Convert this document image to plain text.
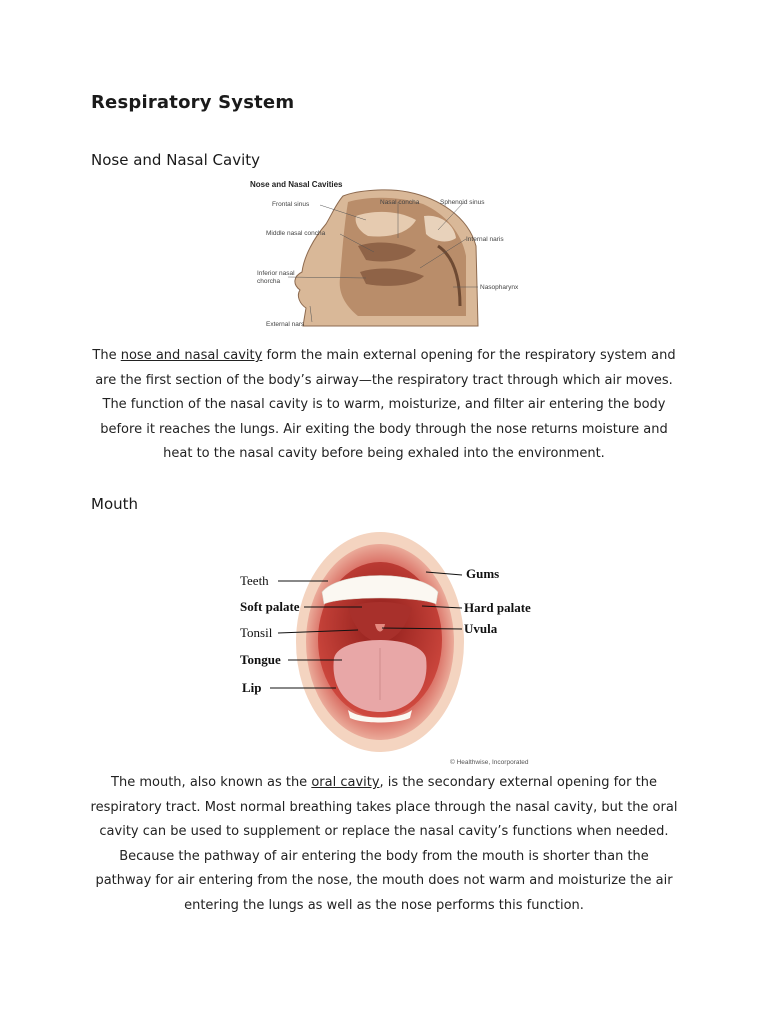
Respiratory System
Nose and Nasal Cavity
Nose and Nasal Cavities
Frontal sinus	Nasal concha	Sphenoid sinus
Middle nasal concha
Internal naris
Inferior nasal
chorcha
Nasopharynx
External nars
The nose and nasal cavity form the main external opening for the respiratory system and are the first section of the body’s airway—the respiratory tract through which air moves. The function of the nasal cavity is to warm, moisturize, and filter air entering the body before it reaches the lungs. Air exiting the body through the nose returns moisture and heat to the nasal cavity before being exhaled into the environment.
Mouth
Teeth
Soft palate
Tonsil
Tongue
Lip
Gums
Hard palate
Uvula
© Healthwise, Incorporated
The mouth, also known as the oral cavity, is the secondary external opening for the respiratory tract. Most normal breathing takes place through the nasal cavity, but the oral cavity can be used to supplement or replace the nasal cavity’s functions when needed. Because the pathway of air entering the body from the mouth is shorter than the pathway for air entering from the nose, the mouth does not warm and moisturize the air entering the lungs as well as the nose performs this function.
